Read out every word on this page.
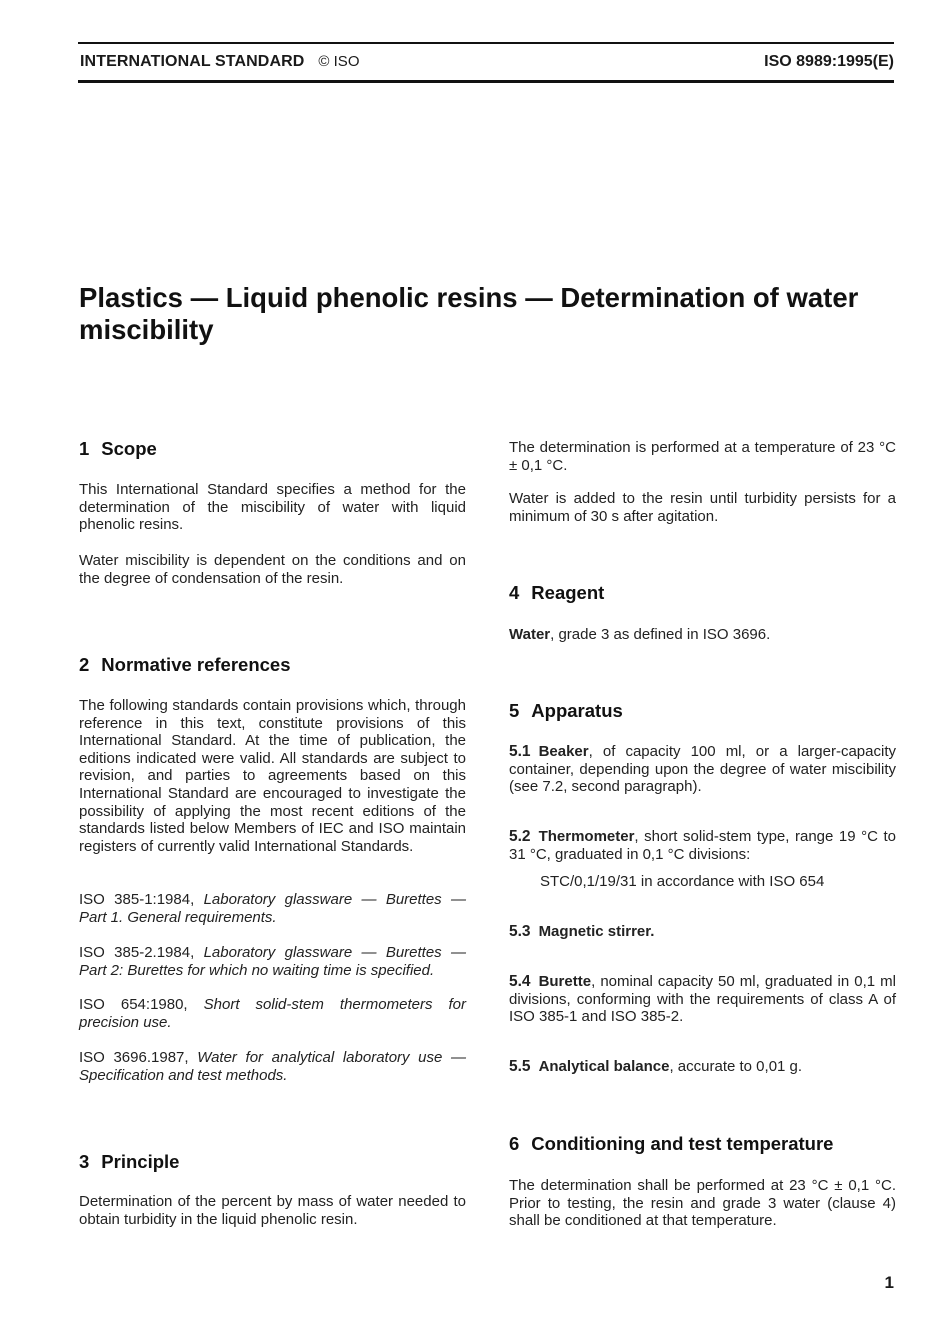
INTERNATIONAL STANDARD © ISO	ISO 8989:1995(E)
Plastics — Liquid phenolic resins — Determination of water miscibility
1 Scope

This International Standard specifies a method for the determination of the miscibility of water with liquid phenolic resins.

Water miscibility is dependent on the conditions and on the degree of condensation of the resin.

2 Normative references

The following standards contain provisions which, through reference in this text, constitute provisions of this International Standard. At the time of publication, the editions indicated were valid. All standards are subject to revision, and parties to agreements based on this International Standard are encouraged to investigate the possibility of applying the most recent editions of the standards listed below Members of IEC and ISO maintain registers of currently valid International Standards.

ISO 385-1:1984, Laboratory glassware — Burettes — Part 1. General requirements.

ISO 385-2.1984, Laboratory glassware — Burettes — Part 2: Burettes for which no waiting time is specified.

ISO 654:1980, Short solid-stem thermometers for precision use.

ISO 3696.1987, Water for analytical laboratory use — Specification and test methods.

3 Principle

Determination of the percent by mass of water needed to obtain turbidity in the liquid phenolic resin.

The determination is performed at a temperature of 23 °C ± 0,1 °C.

Water is added to the resin until turbidity persists for a minimum of 30 s after agitation.

4 Reagent

Water, grade 3 as defined in ISO 3696.

5 Apparatus

5.1 Beaker, of capacity 100 ml, or a larger-capacity container, depending upon the degree of water miscibility (see 7.2, second paragraph).

5.2 Thermometer, short solid-stem type, range 19 °C to 31 °C, graduated in 0,1 °C divisions:

STC/0,1/19/31 in accordance with ISO 654

5.3 Magnetic stirrer.

5.4 Burette, nominal capacity 50 ml, graduated in 0,1 ml divisions, conforming with the requirements of class A of ISO 385-1 and ISO 385-2.

5.5 Analytical balance, accurate to 0,01 g.

6 Conditioning and test temperature

The determination shall be performed at 23 °C ± 0,1 °C. Prior to testing, the resin and grade 3 water (clause 4) shall be conditioned at that temperature.

1
